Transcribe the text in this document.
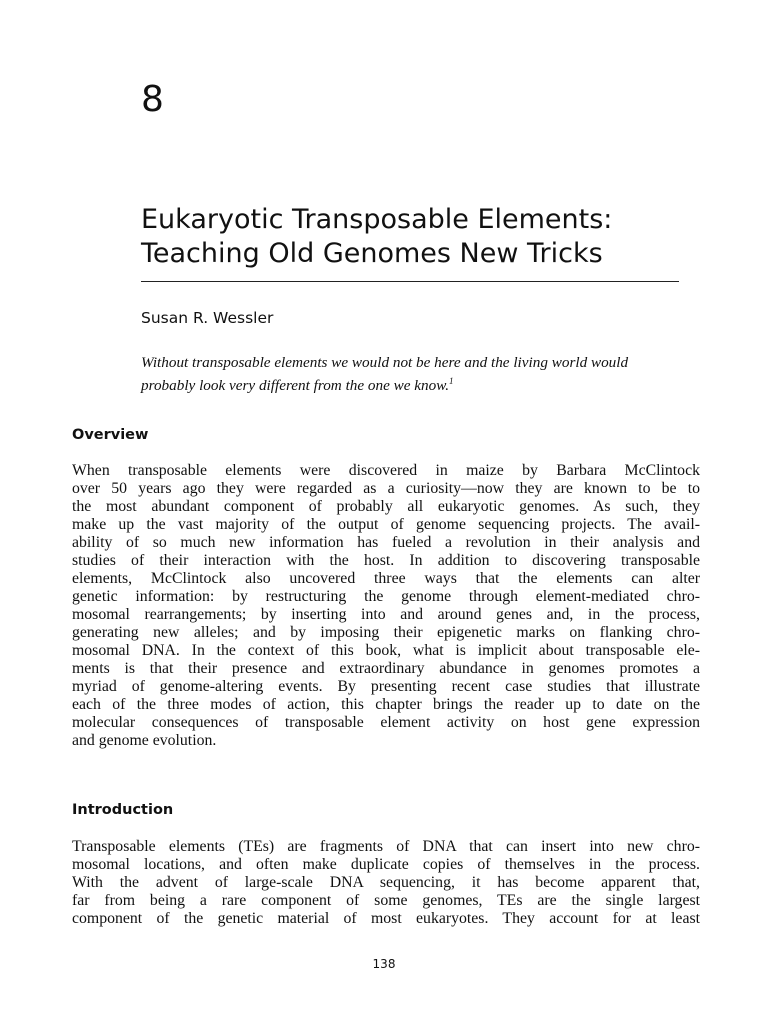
8
Eukaryotic Transposable Elements:
Teaching Old Genomes New Tricks
Susan R. Wessler
Without transposable elements we would not be here and the living world would
probably look very different from the one we know.$^1$
Overview
When transposable elements were discovered in maize by Barbara McClintock
over 50 years ago they were regarded as a curiosity—now they are known to be to
the most abundant component of probably all eukaryotic genomes. As such, they
make up the vast majority of the output of genome sequencing projects. The avail-
ability of so much new information has fueled a revolution in their analysis and
studies of their interaction with the host. In addition to discovering transposable
elements, McClintock also uncovered three ways that the elements can alter
genetic information: by restructuring the genome through element-mediated chro-
mosomal rearrangements; by inserting into and around genes and, in the process,
generating new alleles; and by imposing their epigenetic marks on flanking chro-
mosomal DNA. In the context of this book, what is implicit about transposable ele-
ments is that their presence and extraordinary abundance in genomes promotes a
myriad of genome-altering events. By presenting recent case studies that illustrate
each of the three modes of action, this chapter brings the reader up to date on the
molecular consequences of transposable element activity on host gene expression
and genome evolution.
Introduction
Transposable elements (TEs) are fragments of DNA that can insert into new chro-
mosomal locations, and often make duplicate copies of themselves in the process.
With the advent of large-scale DNA sequencing, it has become apparent that,
far from being a rare component of some genomes, TEs are the single largest
component of the genetic material of most eukaryotes. They account for at least
138
